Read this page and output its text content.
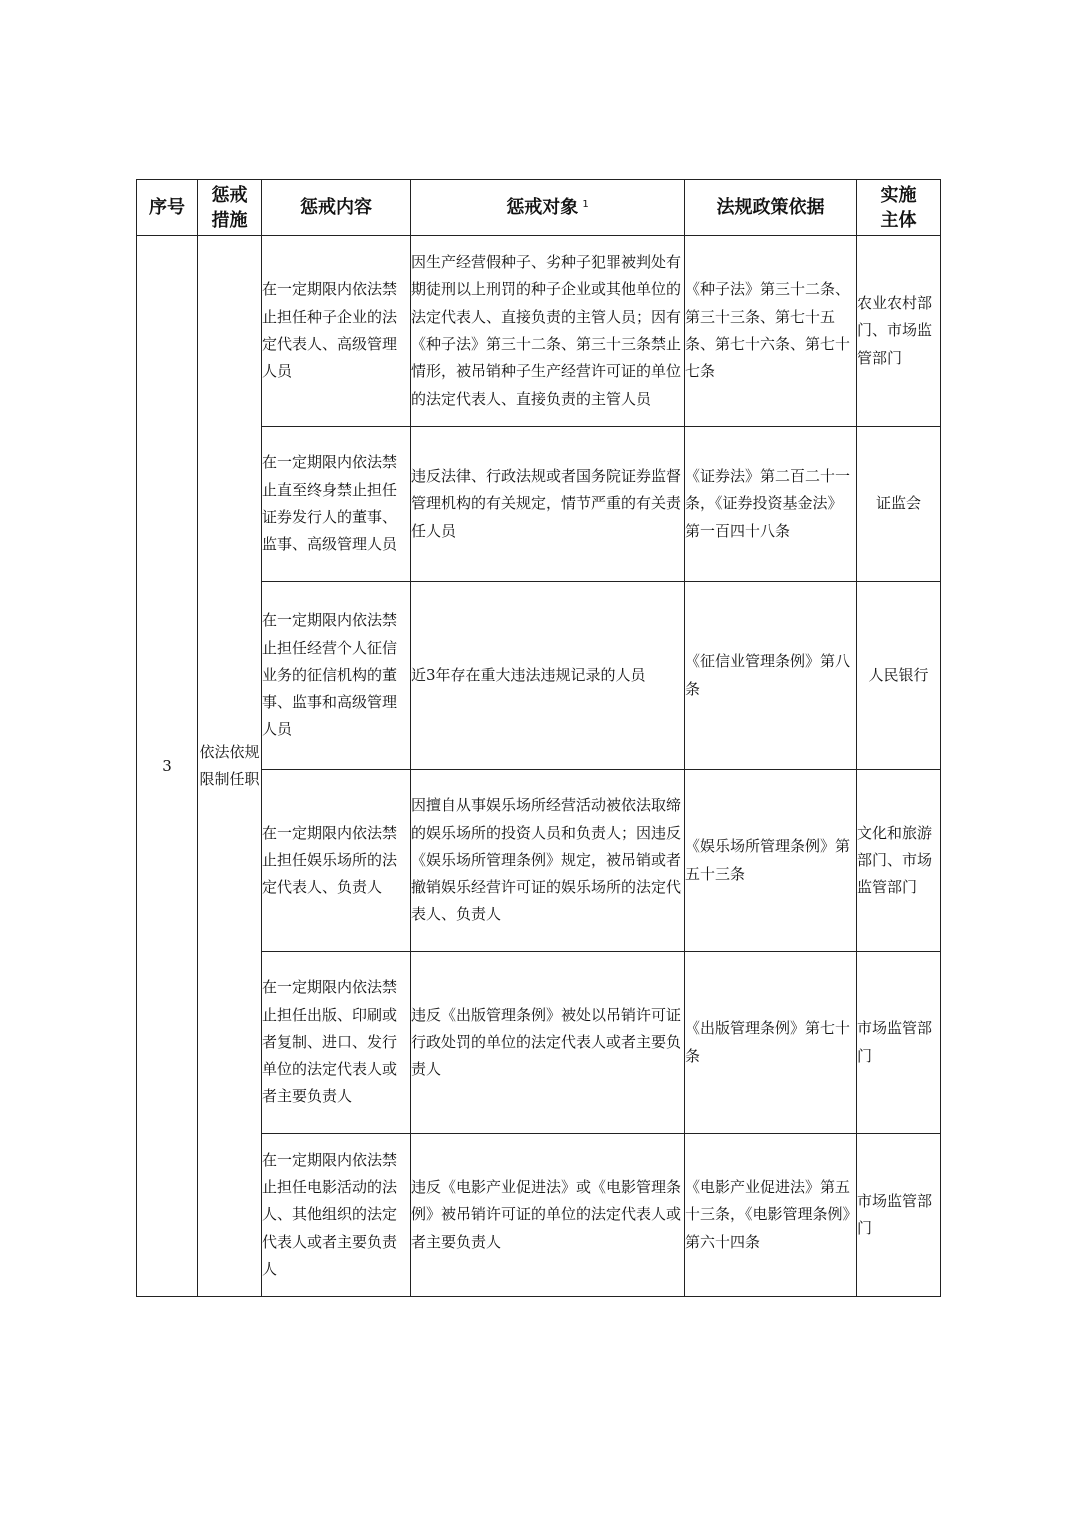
序号	惩戒措施	惩戒内容	惩戒对象 $^1$	法规政策依据	实施主体
3	依法依规限制任职	在一定期限内依法禁止担任种子企业的法定代表人、高级管理人员	因生产经营假种子、劣种子犯罪被判处有期徒刑以上刑罚的种子企业或其他单位的法定代表人、直接负责的主管人员；因有《种子法》第三十二条、第三十三条禁止情形，被吊销种子生产经营许可证的单位的法定代表人、直接负责的主管人员	《种子法》第三十二条、第三十三条、第七十五条、第七十六条、第七十七条	农业农村部门、市场监管部门
		在一定期限内依法禁止直至终身禁止担任证券发行人的董事、监事、高级管理人员	违反法律、行政法规或者国务院证券监督管理机构的有关规定，情节严重的有关责任人员	《证券法》第二百二十一条，《证券投资基金法》第一百四十八条	证监会
		在一定期限内依法禁止担任经营个人征信业务的征信机构的董事、监事和高级管理人员	近3年存在重大违法违规记录的人员	《征信业管理条例》第八条	人民银行
		在一定期限内依法禁止担任娱乐场所的法定代表人、负责人	因擅自从事娱乐场所经营活动被依法取缔的娱乐场所的投资人员和负责人；因违反《娱乐场所管理条例》规定，被吊销或者撤销娱乐经营许可证的娱乐场所的法定代表人、负责人	《娱乐场所管理条例》第五十三条	文化和旅游部门、市场监管部门
		在一定期限内依法禁止担任出版、印刷或者复制、进口、发行单位的法定代表人或者主要负责人	违反《出版管理条例》被处以吊销许可证行政处罚的单位的法定代表人或者主要负责人	《出版管理条例》第七十条	市场监管部门
		在一定期限内依法禁止担任电影活动的法人、其他组织的法定代表人或者主要负责人	违反《电影产业促进法》或《电影管理条例》被吊销许可证的单位的法定代表人或者主要负责人	《电影产业促进法》第五十三条，《电影管理条例》第六十四条	市场监管部门
